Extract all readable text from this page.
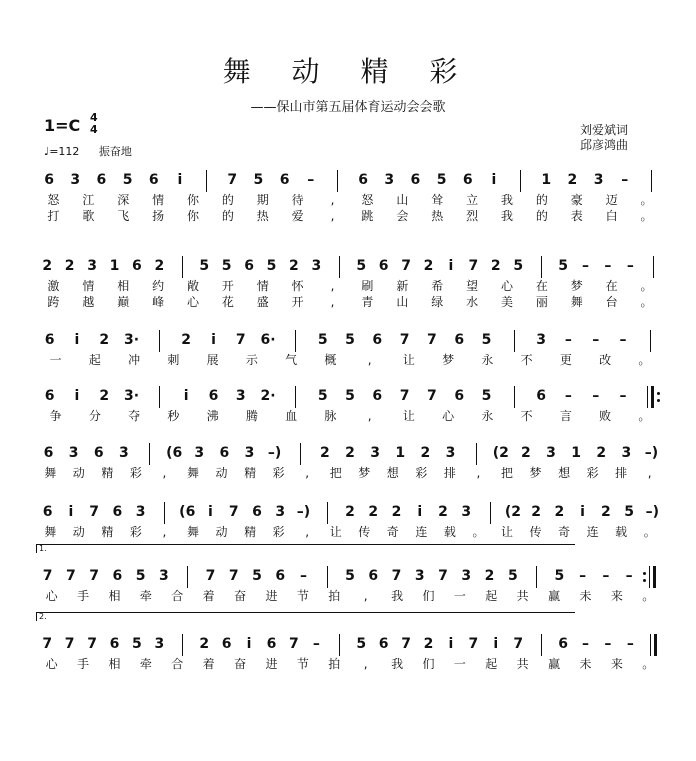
舞 动 精 彩
——保山市第五届体育运动会会歌
1=C 4
4
♩=112 振奋地
刘爱斌词
邱彦鸿曲
6 3 6 5 6	i	7 5 6	–	6 3 6 5 6	i	1 2 3	–
怒 江 深 情 你 的 期 待	,	怒 山 耸 立 我 的 豪 迈 。
打 歌 飞 扬 你 的 热 爱	,	跳 会 热 烈 我 的 表 白 。
2 2 3 1 6 2	5 5 6 5 2 3	5 6 7 2	i	7 2 5	5	–	–	–
激 情 相 约 敞 开 情 怀	,	刷 新 希 望 心 在 梦 在 。
跨 越 巅 峰 心 花 盛 开	,	青 山 绿 水 美 丽 舞 台 。
6	i	2 3·	2	i	7 6·	5 5 6 7 7 6 5	3	–	–	–
一 起 冲 刺 展 示 气 概	,	让 梦 永 不 更 改 。
6	i	2 3·	i	6 3 2·	5 5 6 7 7 6 5	6	–	–	–
争 分 夺 秒 沸 腾 血 脉	,	让 心 永 不 言 败 。
6 3 6 3	(6 3 6 3 –)	2 2 3 1 2 3	(2 2 3 1 2 3 –)
舞 动 精 彩	,	舞 动 精 彩	,	把 梦 想 彩 排	,	把 梦 想 彩 排	,
6	i	7 6 3 (6 i	7 6 3 –) 2 2 2	i	2 3 (2 2 2	i	2 5 –)
舞 动 精 彩	,	舞 动 精 彩	,	让 传 奇 连 载 。 让 传 奇 连 载 。
7 7 7 6 5 3	7 7 5 6	–	5 6 7 3 7 3 2 5	5	–	–	–
1.
心 手 相 牵 合 着 奋 进 节 拍	,	我 们 一 起 共 赢 未 来 。
7 7 7 6 5 3	2 6	i	6 7	–	5 6 7 2	i	7	i	7	6	–	–	–
2.
心 手 相 牵 合 着 奋 进 节 拍	,	我 们 一 起 共 赢 未 来 。
